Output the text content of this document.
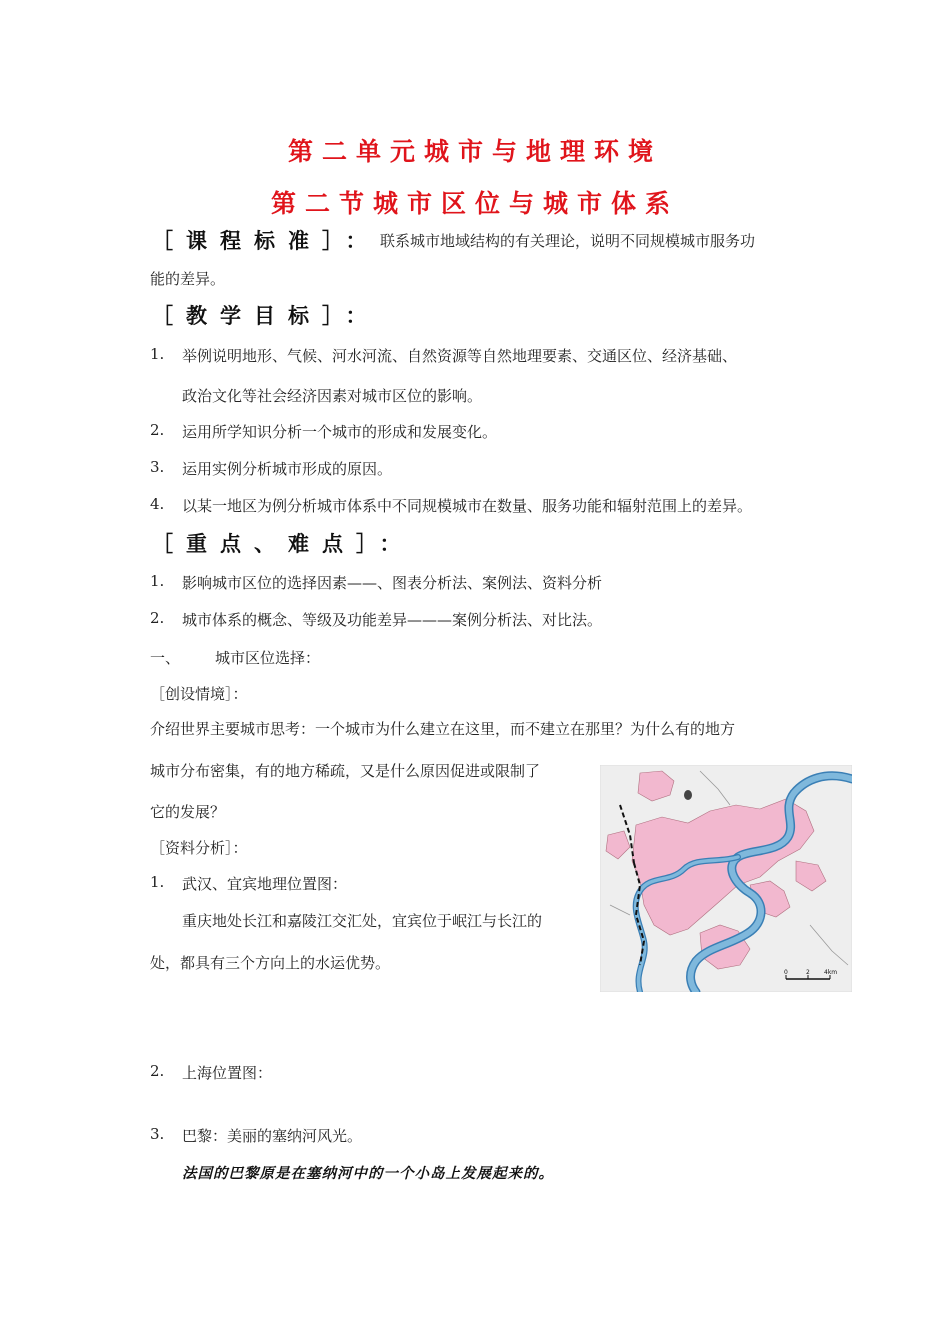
第二单元城市与地理环境
第二节城市区位与城市体系
［课程标准］： 联系城市地域结构的有关理论，说明不同规模城市服务功
能的差异。
［教学目标］：
1. 举例说明地形、气候、河水河流、自然资源等自然地理要素、交通区位、经济基础、
政治文化等社会经济因素对城市区位的影响。
2. 运用所学知识分析一个城市的形成和发展变化。
3. 运用实例分析城市形成的原因。
4. 以某一地区为例分析城市体系中不同规模城市在数量、服务功能和辐射范围上的差异。
［重点、难点］：
1. 影响城市区位的选择因素——、图表分析法、案例法、资料分析
2. 城市体系的概念、等级及功能差异———案例分析法、对比法。
一、 城市区位选择：
［创设情境］：
介绍世界主要城市思考：一个城市为什么建立在这里，而不建立在那里？为什么有的地方
城市分布密集，有的地方稀疏，又是什么原因促进或限制了
它的发展？
［资料分析］：
1. 武汉、宜宾地理位置图：
重庆地处长江和嘉陵江交汇处，宜宾位于岷江与长江的
处，都具有三个方向上的水运优势。
2. 上海位置图：
3. 巴黎：美丽的塞纳河风光。
法国的巴黎原是在塞纳河中的一个小岛上发展起来的。
0	2 4km
